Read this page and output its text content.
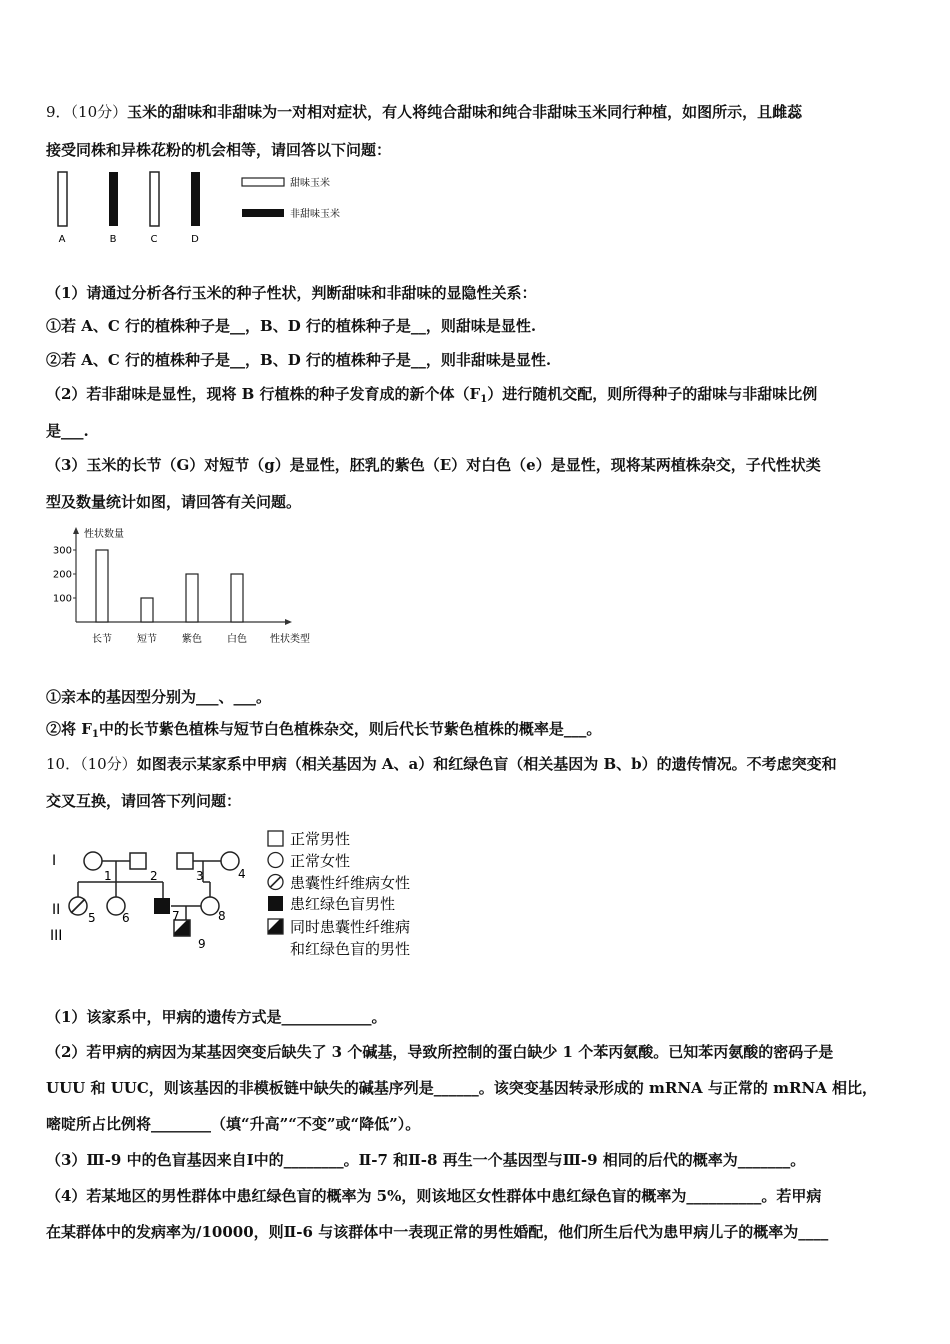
9．（10分）玉米的甜味和非甜味为一对相对症状，有人将纯合甜味和纯合非甜味玉米同行种植，如图所示，且雌蕊
接受同株和异株花粉的机会相等，请回答以下问题：
A	B	C	D
甜味玉米
非甜味玉米
（1）请通过分析各行玉米的种子性状，判断甜味和非甜味的显隐性关系：
①若 A、C 行的植株种子是__，B、D 行的植株种子是__，则甜味是显性.
②若 A、C 行的植株种子是__，B、D 行的植株种子是__，则非甜味是显性.
（2）若非甜味是显性，现将 B 行植株的种子发育成的新个体$(F_1)$进行随机交配，则所得种子的甜味与非甜味比例
是___.
（3）玉米的长节（G）对短节（g）是显性，胚乳的紫色（E）对白色（e）是显性，现将某两植株杂交，子代性状类
型及数量统计如图，请回答有关问题。
性状数量
性状类型
100
200
300
长节	短节	紫色	白色
①亲本的基因型分别为___、___。
②将 $F_1$中的长节紫色植株与短节白色植株杂交，则后代长节紫色植株的概率是___。
10．（10分）如图表示某家系中甲病（相关基因为 A、a）和红绿色盲（相关基因为 B、b）的遗传情况。不考虑突变和
交叉互换，请回答下列问题：
I
II
III
1	2	3	4
5 6	7	8
9
正常男性
正常女性
患囊性纤维病女性
患红绿色盲男性
同时患囊性纤维病
和红绿色盲的男性
（1）该家系中，甲病的遗传方式是____________。
（2）若甲病的病因为某基因突变后缺失了 3 个碱基，导致所控制的蛋白缺少 1 个苯丙氨酸。已知苯丙氨酸的密码子是
UUU 和 UUC，则该基因的非模板链中缺失的碱基序列是______。该突变基因转录形成的 mRNA 与正常的 mRNA 相比，
嘧啶所占比例将________（填“升高”“不变”或“降低”）。
（3）Ⅲ-9 中的色盲基因来自Ⅰ中的________。Ⅱ-7 和Ⅱ-8 再生一个基因型与Ⅲ-9 相同的后代的概率为_______。
（4）若某地区的男性群体中患红绿色盲的概率为 5%，则该地区女性群体中患红绿色盲的概率为__________。若甲病
在某群体中的发病率为/10000，则Ⅱ-6 与该群体中一表现正常的男性婚配，他们所生后代为患甲病儿子的概率为____
